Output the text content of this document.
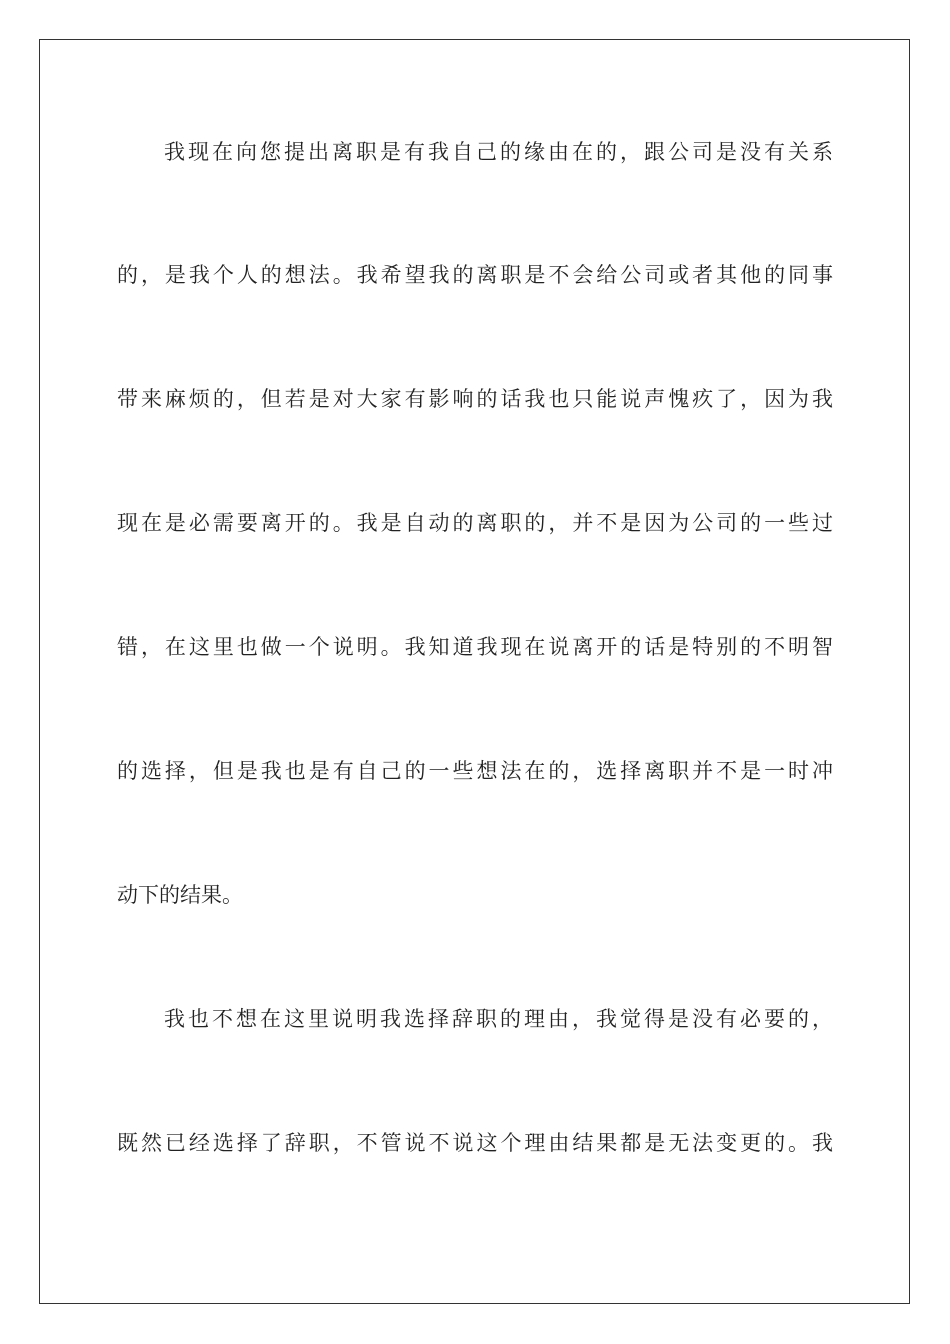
我现在向您提出离职是有我自己的缘由在的，跟公司是没有关系
的，是我个人的想法。我希望我的离职是不会给公司或者其他的同事
带来麻烦的，但若是对大家有影响的话我也只能说声愧疚了，因为我
现在是必需要离开的。我是自动的离职的，并不是因为公司的一些过
错，在这里也做一个说明。我知道我现在说离开的话是特别的不明智
的选择，但是我也是有自己的一些想法在的，选择离职并不是一时冲
动下的结果。
我也不想在这里说明我选择辞职的理由，我觉得是没有必要的，
既然已经选择了辞职，不管说不说这个理由结果都是无法变更的。我
